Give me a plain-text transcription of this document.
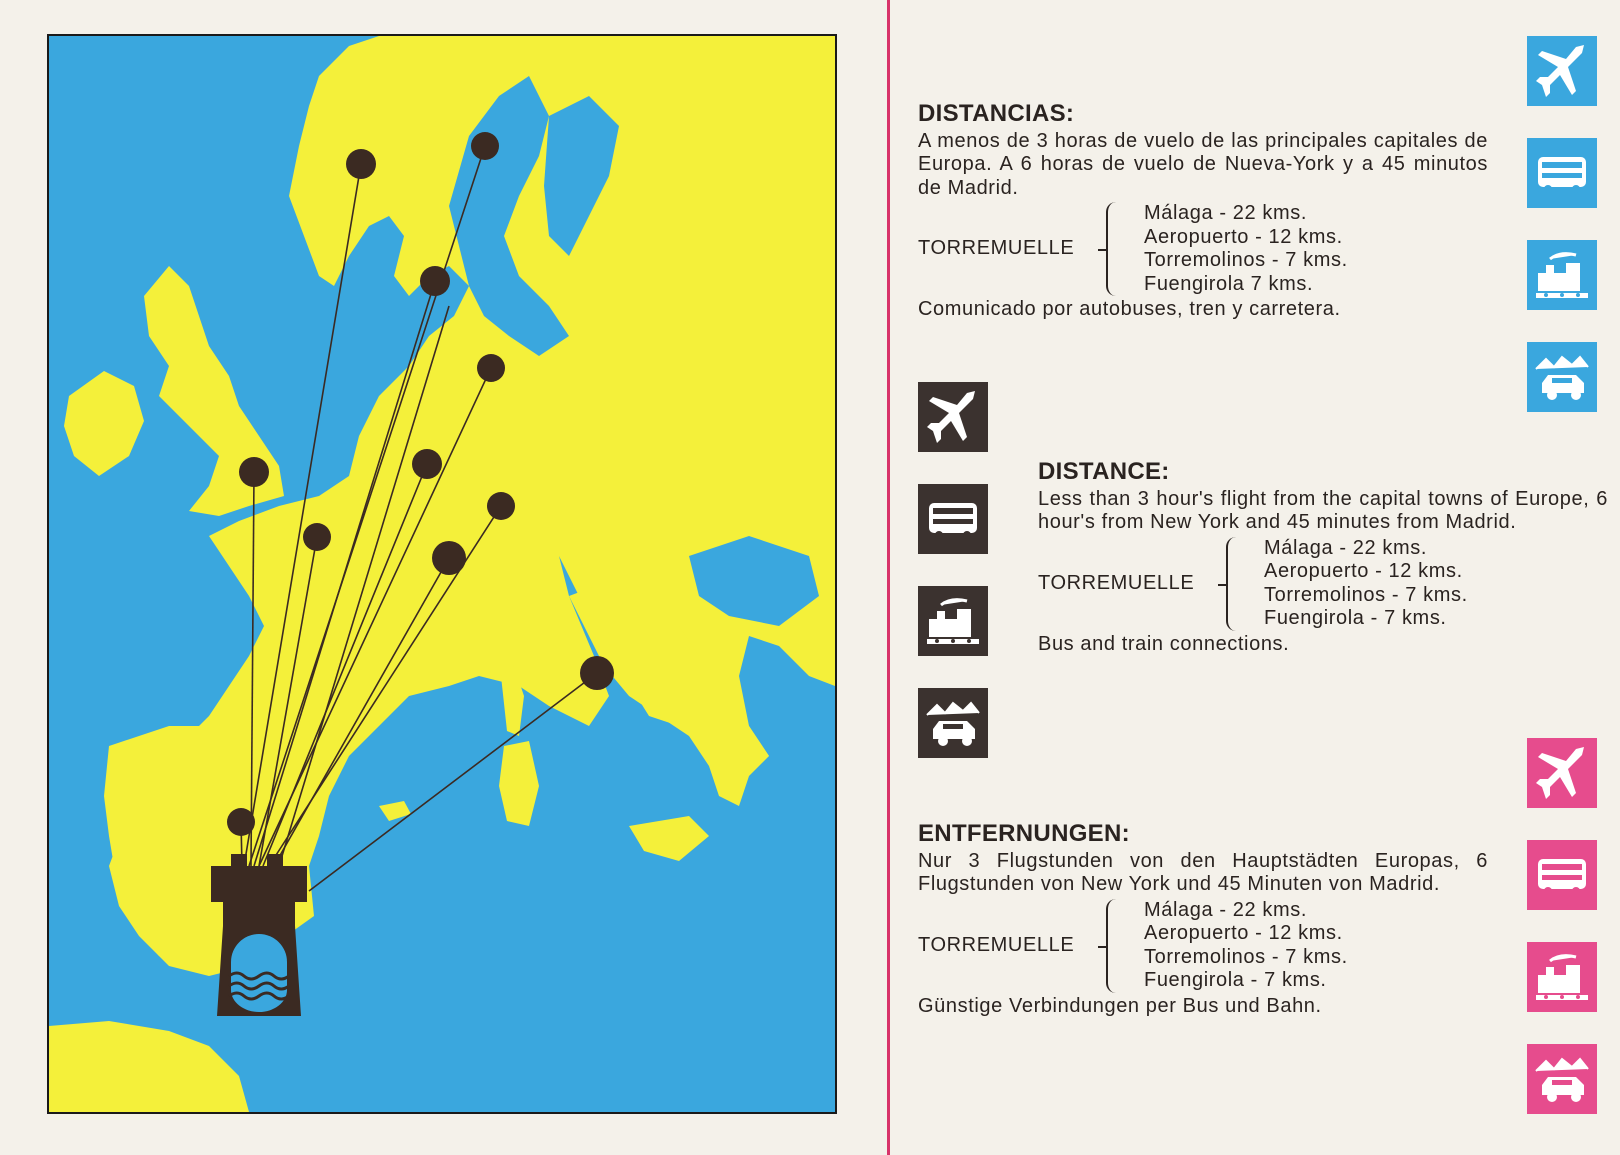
DISTANCIAS:

A menos de 3 horas de vuelo de las principales capitales de Europa. A 6 horas de vuelo de Nueva-York y a 45 minutos de Madrid.

TORREMUELLE
Málaga - 22 kms.
Aeropuerto - 12 kms.
Torremolinos - 7 kms.
Fuengirola 7 kms.

Comunicado por autobuses, tren y carretera.

DISTANCE:

Less than 3 hour's flight from the capital towns of Europe, 6 hour's from New York and 45 minutes from Madrid.

TORREMUELLE
Málaga - 22 kms.
Aeropuerto - 12 kms.
Torremolinos - 7 kms.
Fuengirola - 7 kms.

Bus and train connections.

ENTFERNUNGEN:

Nur 3 Flugstunden von den Hauptstädten Europas, 6 Flugstunden von New York und 45 Minuten von Madrid.

TORREMUELLE
Málaga - 22 kms.
Aeropuerto - 12 kms.
Torremolinos - 7 kms.
Fuengirola - 7 kms.

Günstige Verbindungen per Bus und Bahn.
